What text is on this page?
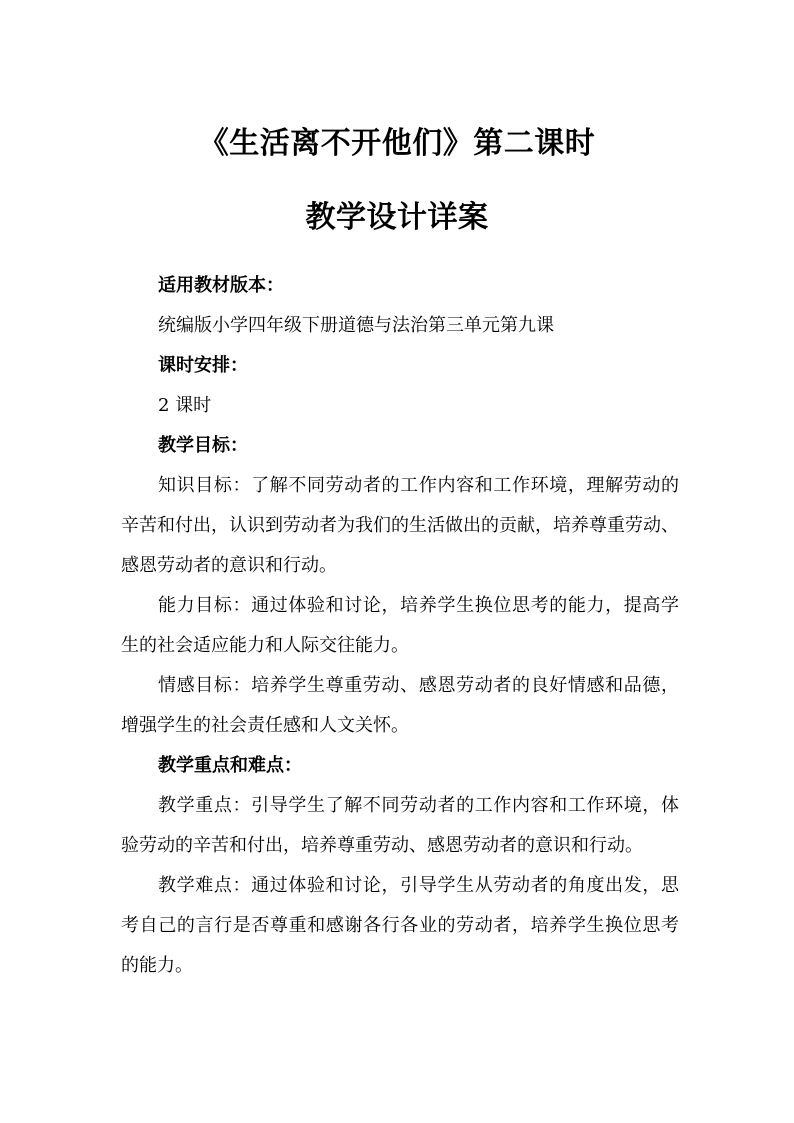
《生活离不开他们》第二课时
教学设计详案
适用教材版本：
统编版小学四年级下册道德与法治第三单元第九课
课时安排：
2 课时
教学目标：
知识目标：了解不同劳动者的工作内容和工作环境，理解劳动的
辛苦和付出，认识到劳动者为我们的生活做出的贡献，培养尊重劳动、
感恩劳动者的意识和行动。
能力目标：通过体验和讨论，培养学生换位思考的能力，提高学
生的社会适应能力和人际交往能力。
情感目标：培养学生尊重劳动、感恩劳动者的良好情感和品德，
增强学生的社会责任感和人文关怀。
教学重点和难点：
教学重点：引导学生了解不同劳动者的工作内容和工作环境，体
验劳动的辛苦和付出，培养尊重劳动、感恩劳动者的意识和行动。
教学难点：通过体验和讨论，引导学生从劳动者的角度出发，思
考自己的言行是否尊重和感谢各行各业的劳动者，培养学生换位思考
的能力。
